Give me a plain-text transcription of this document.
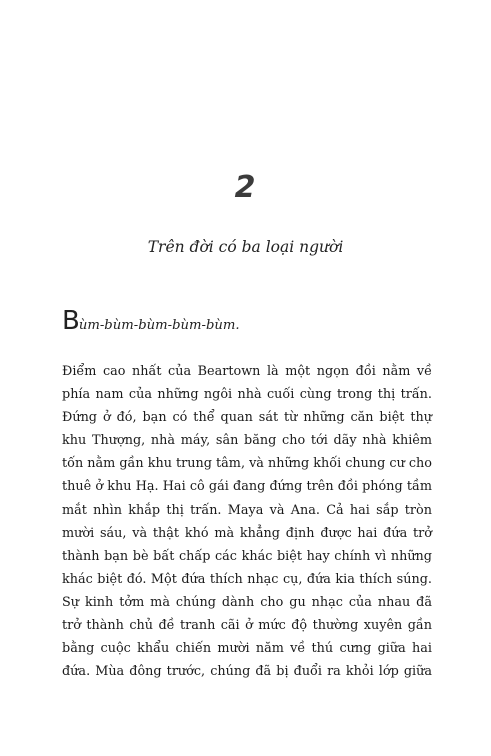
2
Trên đời có ba loại người
Bùm-bùm-bùm-bùm-bùm.
Điểm cao nhất của Beartown là một ngọn đồi nằm về
phía nam của những ngôi nhà cuối cùng trong thị trấn.
Đứng ở đó, bạn có thể quan sát từ những căn biệt thự
khu Thượng, nhà máy, sân băng cho tới dãy nhà khiêm
tốn nằm gần khu trung tâm, và những khối chung cư cho
thuê ở khu Hạ. Hai cô gái đang đứng trên đồi phóng tầm
mắt nhìn khắp thị trấn. Maya và Ana. Cả hai sắp tròn
mười sáu, và thật khó mà khẳng định được hai đứa trở
thành bạn bè bất chấp các khác biệt hay chính vì những
khác biệt đó. Một đứa thích nhạc cụ, đứa kia thích súng.
Sự kinh tởm mà chúng dành cho gu nhạc của nhau đã
trở thành chủ đề tranh cãi ở mức độ thường xuyên gần
bằng cuộc khẩu chiến mười năm về thú cưng giữa hai
đứa. Mùa đông trước, chúng đã bị đuổi ra khỏi lớp giữa
